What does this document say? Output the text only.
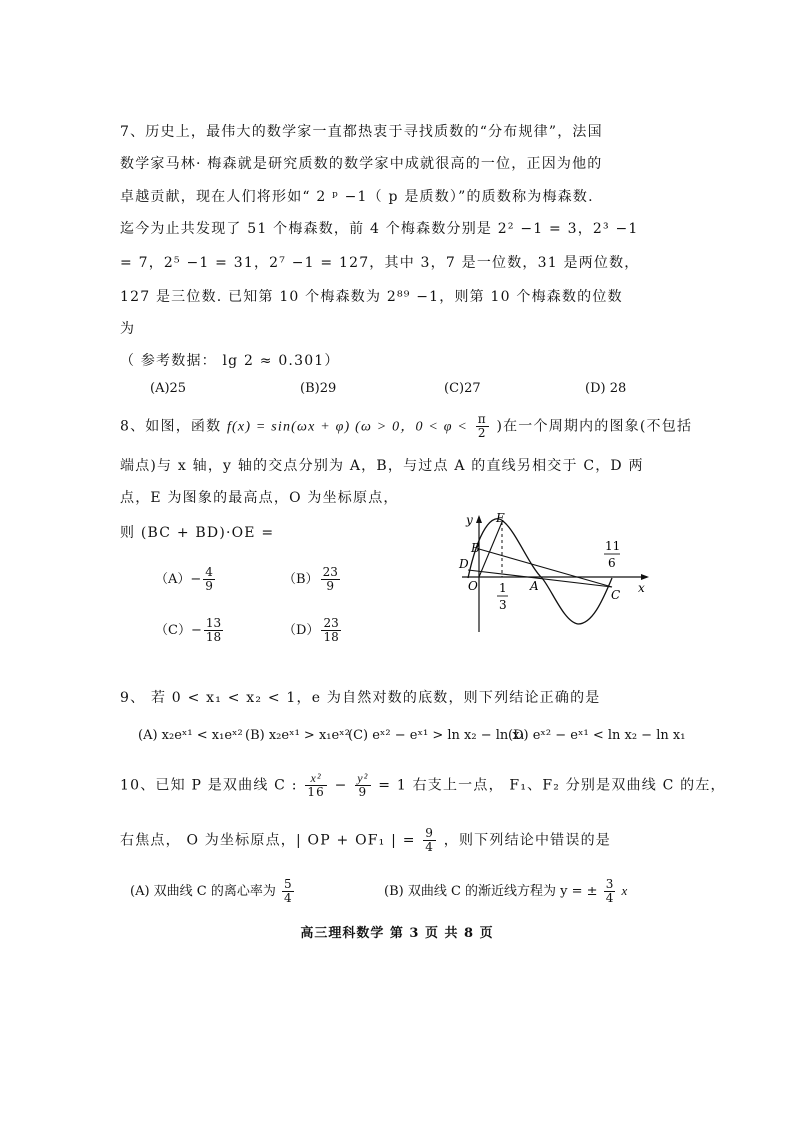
7、历史上，最伟大的数学家一直都热衷于寻找质数的“分布规律”，法国
数学家马林· 梅森就是研究质数的数学家中成就很高的一位，正因为他的
卓越贡献，现在人们将形如“ 2 ᵖ −1（ p 是质数）”的质数称为梅森数.
迄今为止共发现了 51 个梅森数，前 4 个梅森数分别是 2² −1 = 3，2³ −1
= 7，2⁵ −1 = 31，2⁷ −1 = 127，其中 3，7 是一位数，31 是两位数，
127 是三位数. 已知第 10 个梅森数为 2⁸⁹ −1，则第 10 个梅森数的位数
为
（ 参考数据： lg 2 ≈ 0.301）
(A)25	(B)29	(C)27	(D) 28
8、如图，函数 f(x) = sin(ωx + φ) (ω > 0，$0 < \varphi < \frac{\pi}{2}$ )在一个周期内的图象(不包括
端点)与 x 轴，y 轴的交点分别为 A，B，与过点 A 的直线另相交于 C，D 两
点，E 为图象的最高点，O 为坐标原点，
则 (BC + BD)·OE =
$(A)- \frac{4}{9}$	$(B) \frac{23}{9}$
$(C)- \frac{13}{18}$	$(D) \frac{23}{18}$
y
x
E
B
D
O	A
C
1
3
11
6
9、 若 0 < x₁ < x₂ < 1，e 为自然对数的底数，则下列结论正确的是
(A) x₂eˣ¹ < x₁eˣ² (B) x₂eˣ¹ > x₁eˣ²
(C) eˣ² − eˣ¹ > ln x₂ − ln x₁
(D) eˣ² − eˣ¹ < ln x₂ − ln x₁
10、已知 P 是双曲线 C : $\frac{\text{x²}}{16} - \frac{\text{y²}}{9} = 1$ 右支上一点， F₁、F₂ 分别是双曲线 C 的左，
右焦点， O 为坐标原点，| OP + OF₁ | = $\frac{9}{4}$ ，则下列结论中错误的是
(A) 双曲线 C 的离心率为 $\frac{5}{4}$	(B) 双曲线 C 的渐近线方程为 y = ± $\frac{3}{4}$ x
高三理科数学 第 3 页 共 8 页
